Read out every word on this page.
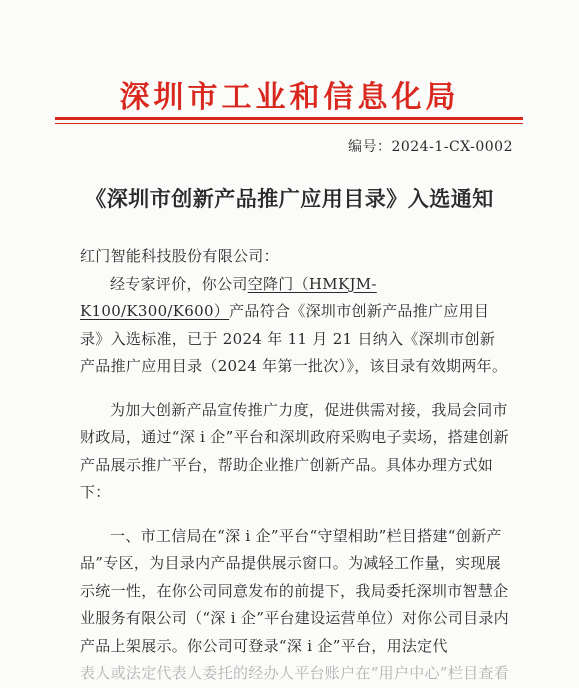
深圳市工业和信息化局
编号：2024-1-CX-0002
《深圳市创新产品推广应用目录》入选通知

红门智能科技股份有限公司：

经专家评价，你公司空降门（HMKJM-K100/K300/K600）产品符合《深圳市创新产品推广应用目录》入选标准，已于 2024 年 11 月 21 日纳入《深圳市创新产品推广应用目录（2024 年第一批次）》，该目录有效期两年。

为加大创新产品宣传推广力度，促进供需对接，我局会同市财政局，通过“深 i 企”平台和深圳政府采购电子卖场，搭建创新产品展示推广平台，帮助企业推广创新产品。具体办理方式如下：

一、市工信局在“深 i 企”平台“守望相助”栏目搭建“创新产品”专区，为目录内产品提供展示窗口。为减轻工作量，实现展示统一性，在你公司同意发布的前提下，我局委托深圳市智慧企业服务有限公司（“深 i 企”平台建设运营单位）对你公司目录内产品上架展示。你公司可登录“深 i 企”平台，用法定代

表人或法定代表人委托的经办人平台账户在“用户中心”栏目查看
